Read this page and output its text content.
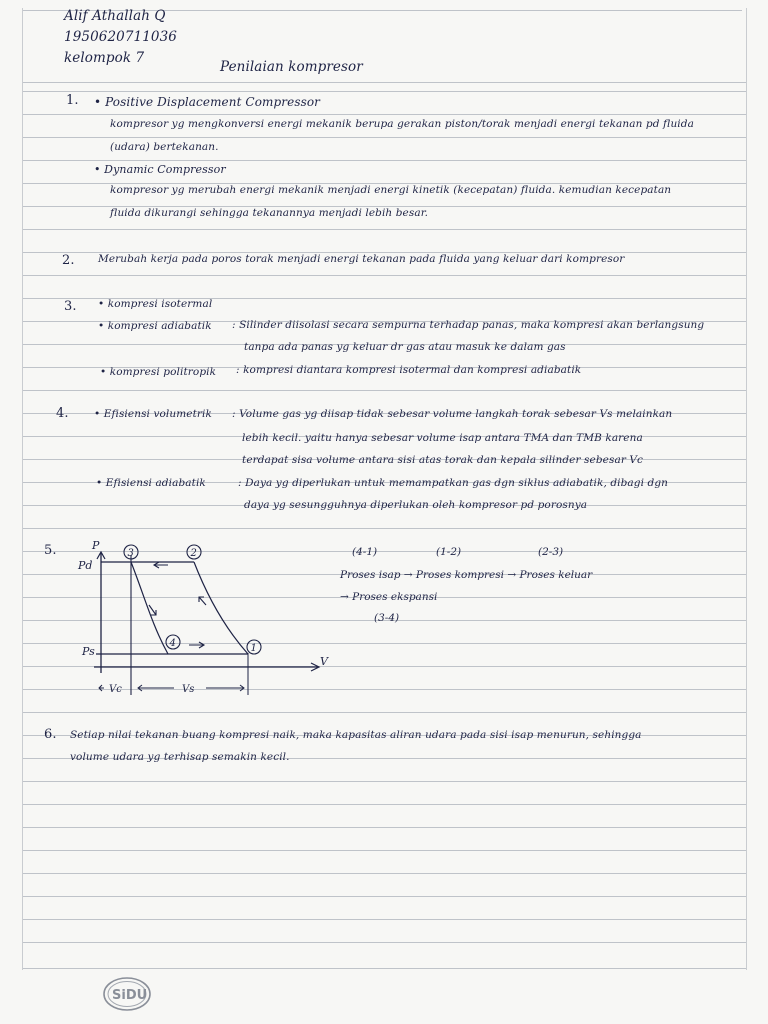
Alif Athallah Q
1950620711036
kelompok 7
Penilaian kompresor
1. • Positive Displacement Compressor
kompresor yg mengkonversi energi mekanik berupa gerakan piston/torak menjadi energi tekanan pd fluida
(udara) bertekanan.
• Dynamic Compressor
kompresor yg merubah energi mekanik menjadi energi kinetik (kecepatan) fluida. kemudian kecepatan
fluida dikurangi sehingga tekanannya menjadi lebih besar.
2. Merubah kerja pada poros torak menjadi energi tekanan pada fluida yang keluar dari kompresor
3. • kompresi isotermal
• kompresi adiabatik : Silinder diisolasi secara sempurna terhadap panas, maka kompresi akan berlangsung
tanpa ada panas yg keluar dr gas atau masuk ke dalam gas
• kompresi politropik : kompresi diantara kompresi isotermal dan kompresi adiabatik
4. • Efisiensi volumetrik : Volume gas yg diisap tidak sebesar volume langkah torak sebesar Vs melainkan
lebih kecil. yaitu hanya sebesar volume isap antara TMA dan TMB karena
terdapat sisa volume antara sisi atas torak dan kepala silinder sebesar Vc
• Efisiensi adiabatik	: Daya yg diperlukan untuk memampatkan gas dgn siklus adiabatik, dibagi dgn
daya yg sesungguhnya diperlukan oleh kompresor pd porosnya
5.	P
V
Pd
Ps
3	2
4	1
Vc	Vs
(4-1)	(1-2)	(2-3)
Proses isap → Proses kompresi → Proses keluar
→ Proses ekspansi
(3-4)
6. Setiap nilai tekanan buang kompresi naik, maka kapasitas aliran udara pada sisi isap menurun, sehingga
volume udara yg terhisap semakin kecil.
SiDU
